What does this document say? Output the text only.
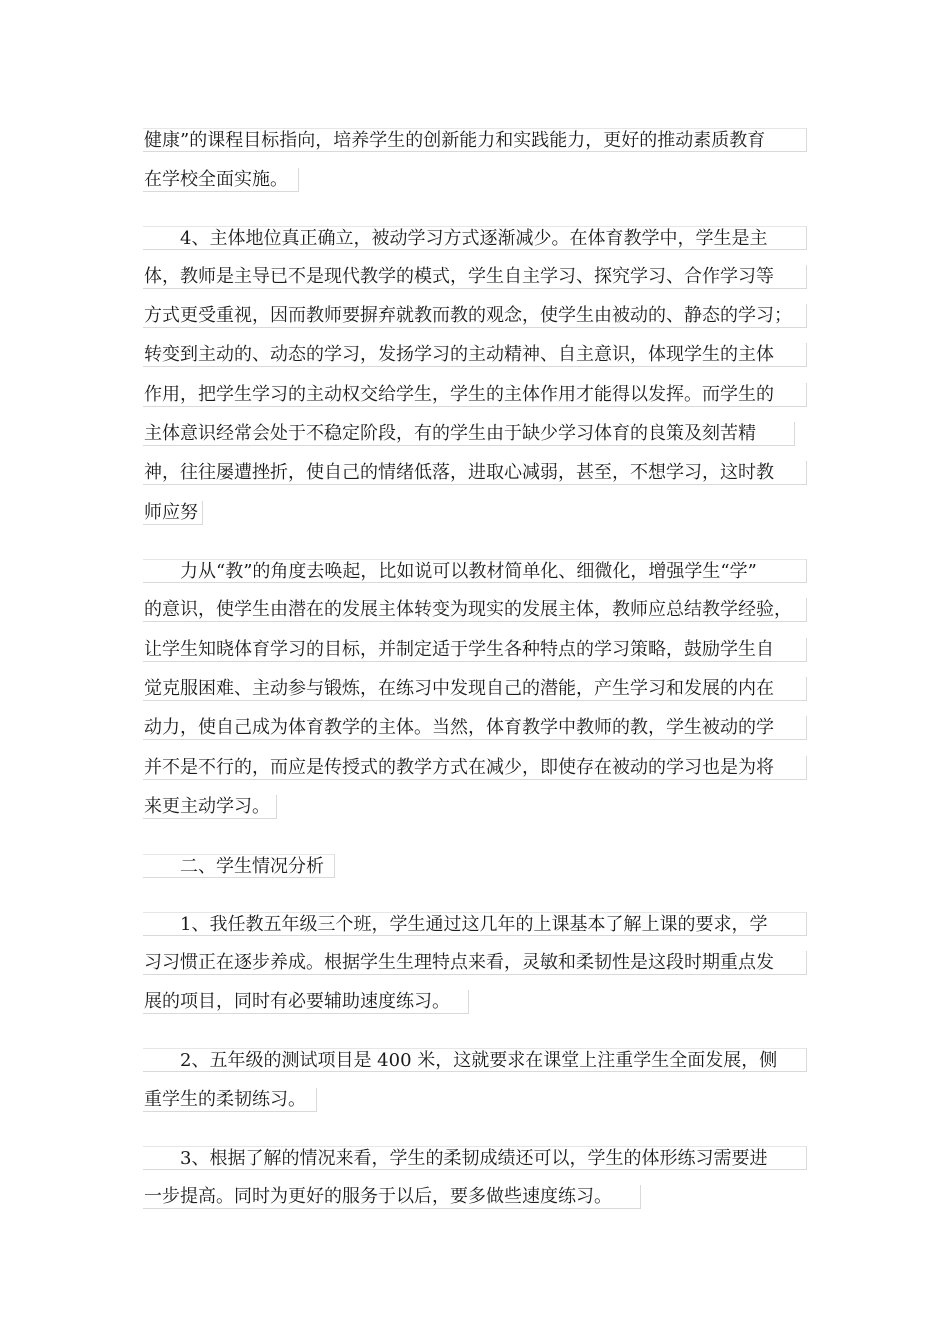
健康”的课程目标指向，培养学生的创新能力和实践能力，更好的推动素质教育
在学校全面实施。
　　4、主体地位真正确立，被动学习方式逐渐减少。在体育教学中，学生是主
体，教师是主导已不是现代教学的模式，学生自主学习、探究学习、合作学习等
方式更受重视，因而教师要摒弃就教而教的观念，使学生由被动的、静态的学习；
转变到主动的、动态的学习，发扬学习的主动精神、自主意识，体现学生的主体
作用，把学生学习的主动权交给学生，学生的主体作用才能得以发挥。而学生的
主体意识经常会处于不稳定阶段，有的学生由于缺少学习体育的良策及刻苦精
神，往往屡遭挫折，使自己的情绪低落，进取心减弱，甚至，不想学习，这时教
师应努
　　力从“教”的角度去唤起，比如说可以教材简单化、细微化，增强学生“学”
的意识，使学生由潜在的发展主体转变为现实的发展主体，教师应总结教学经验，
让学生知晓体育学习的目标，并制定适于学生各种特点的学习策略，鼓励学生自
觉克服困难、主动参与锻炼，在练习中发现自己的潜能，产生学习和发展的内在
动力，使自己成为体育教学的主体。当然，体育教学中教师的教，学生被动的学
并不是不行的，而应是传授式的教学方式在减少，即使存在被动的学习也是为将
来更主动学习。
　　二、学生情况分析
　　1、我任教五年级三个班，学生通过这几年的上课基本了解上课的要求，学
习习惯正在逐步养成。根据学生生理特点来看，灵敏和柔韧性是这段时期重点发
展的项目，同时有必要辅助速度练习。
　　2、五年级的测试项目是 400 米，这就要求在课堂上注重学生全面发展，侧
重学生的柔韧练习。
　　3、根据了解的情况来看，学生的柔韧成绩还可以，学生的体形练习需要进
一步提高。同时为更好的服务于以后，要多做些速度练习。
